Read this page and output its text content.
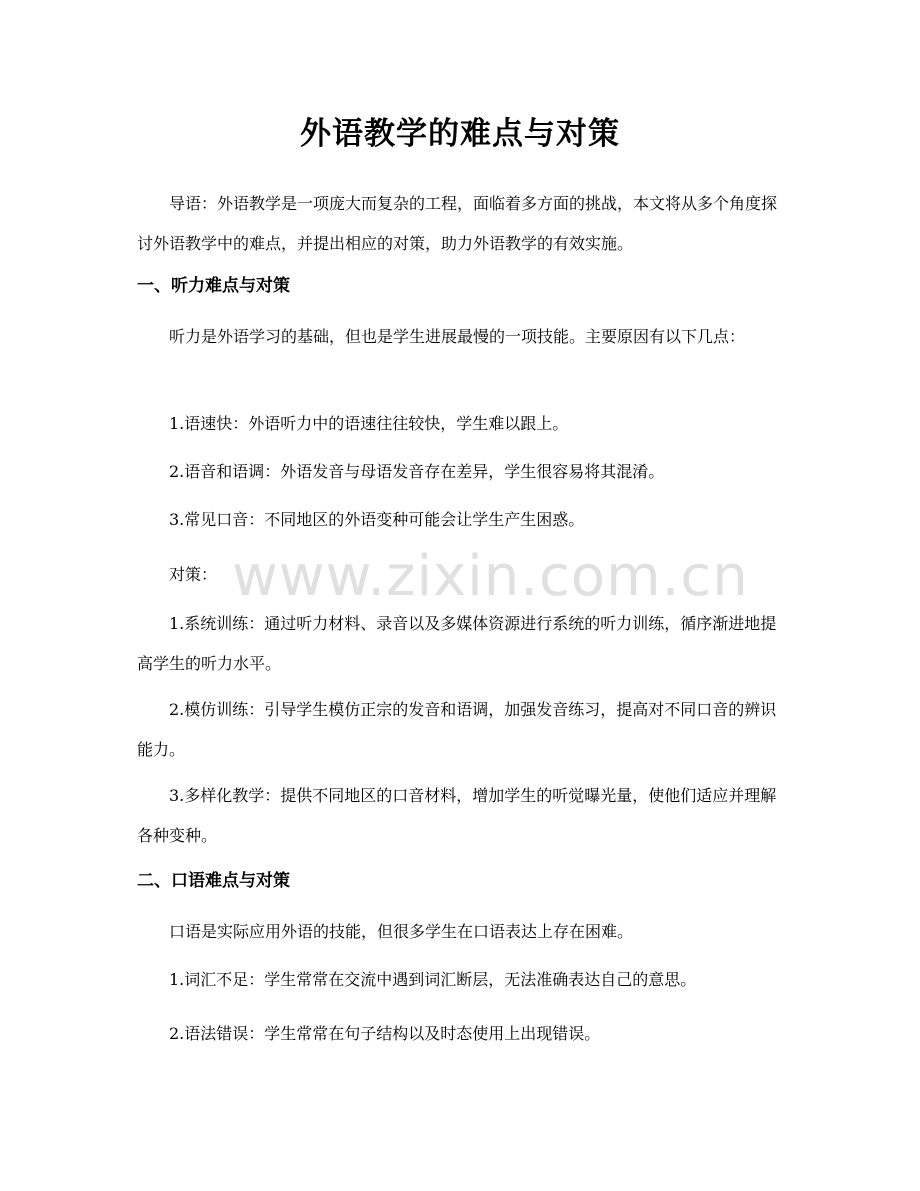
外语教学的难点与对策

导语：外语教学是一项庞大而复杂的工程，面临着多方面的挑战，本文将从多个角度探讨外语教学中的难点，并提出相应的对策，助力外语教学的有效实施。

一、听力难点与对策

听力是外语学习的基础，但也是学生进展最慢的一项技能。主要原因有以下几点：

1.语速快：外语听力中的语速往往较快，学生难以跟上。

2.语音和语调：外语发音与母语发音存在差异，学生很容易将其混淆。

3.常见口音：不同地区的外语变种可能会让学生产生困惑。

对策：

1.系统训练：通过听力材料、录音以及多媒体资源进行系统的听力训练，循序渐进地提高学生的听力水平。

2.模仿训练：引导学生模仿正宗的发音和语调，加强发音练习，提高对不同口音的辨识能力。

3.多样化教学：提供不同地区的口音材料，增加学生的听觉曝光量，使他们适应并理解各种变种。

二、口语难点与对策

口语是实际应用外语的技能，但很多学生在口语表达上存在困难。

1.词汇不足：学生常常在交流中遇到词汇断层，无法准确表达自己的意思。

2.语法错误：学生常常在句子结构以及时态使用上出现错误。

www.zixin.com.cn
